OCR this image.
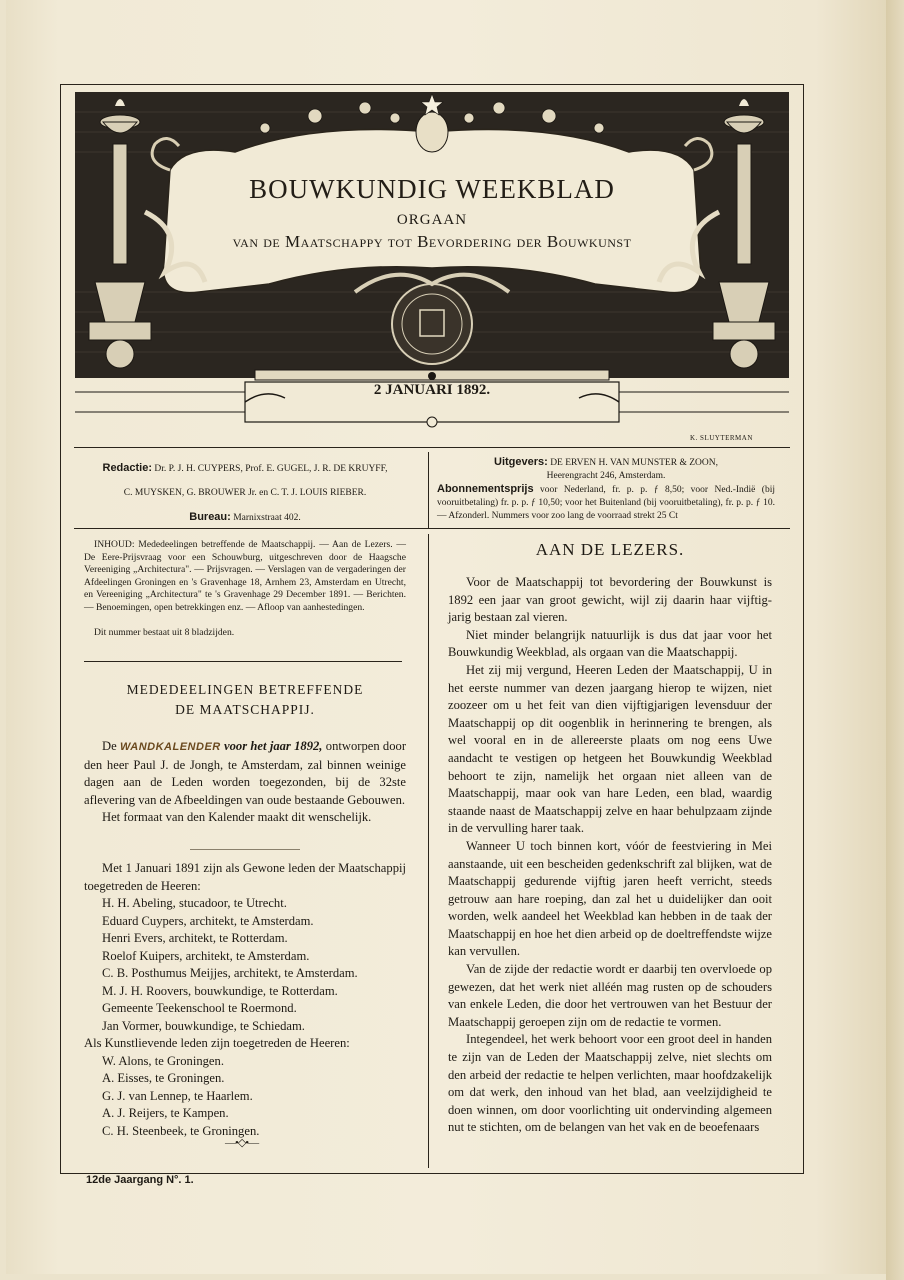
BOUWKUNDIG WEEKBLAD
ORGAAN
van de Maatschappy tot Bevordering der Bouwkunst
2 JANUARI 1892.
K. SLUYTERMAN
Redactie: Dr. P. J. H. CUYPERS, Prof. E. GUGEL, J. R. DE KRUYFF,
C. MUYSKEN, G. BROUWER Jr. en C. T. J. LOUIS RIEBER.
Bureau: Marnixstraat 402.
Uitgevers: DE ERVEN H. VAN MUNSTER & ZOON,
Heerengracht 246, Amsterdam.
Abonnementsprijs voor Nederland, fr. p. p. ƒ 8,50; voor Ned.-Indië (bij vooruitbetaling) fr. p. p. ƒ 10,50; voor het Buitenland (bij vooruitbetaling), fr. p. p. ƒ 10.— Afzonderl. Nummers voor zoo lang de voorraad strekt 25 Ct
INHOUD: Mededeelingen betreffende de Maatschappij. — Aan de Lezers. — De Eere-Prijsvraag voor een Schouwburg, uitgeschreven door de Haagsche Vereeniging „Architectura". — Prijsvragen. — Verslagen van de vergaderingen der Afdeelingen Groningen en 's Gravenhage 18, Arnhem 23, Amsterdam en Utrecht, en Vereeniging „Architectura" te 's Gravenhage 29 December 1891. — Berichten. — Benoemingen, open betrekkingen enz. — Afloop van aanhestedingen.
Dit nummer bestaat uit 8 bladzijden.
MEDEDEELINGEN BETREFFENDE
DE MAATSCHAPPIJ.

De WANDKALENDER voor het jaar 1892, ontworpen door den heer Paul J. de Jongh, te Amsterdam, zal binnen weinige dagen aan de Leden worden toegezonden, bij de 32ste aflevering van de Afbeeldingen van oude bestaande Gebouwen.

Het formaat van den Kalender maakt dit wenschelijk.

Met 1 Januari 1891 zijn als Gewone leden der Maatschappij toegetreden de Heeren:

H. H. Abeling, stucadoor, te Utrecht.
Eduard Cuypers, architekt, te Amsterdam.
Henri Evers, architekt, te Rotterdam.
Roelof Kuipers, architekt, te Amsterdam.
C. B. Posthumus Meijjes, architekt, te Amsterdam.
M. J. H. Roovers, bouwkundige, te Rotterdam.
Gemeente Teekenschool te Roermond.
Jan Vormer, bouwkundige, te Schiedam.
Als Kunstlievende leden zijn toegetreden de Heeren:
W. Alons, te Groningen.
A. Eisses, te Groningen.
G. J. van Lennep, te Haarlem.
A. J. Reijers, te Kampen.
C. H. Steenbeek, te Groningen.
—•◇•—
AAN DE LEZERS.

Voor de Maatschappij tot bevordering der Bouwkunst is 1892 een jaar van groot gewicht, wijl zij daarin haar vijftig-jarig bestaan zal vieren.

Niet minder belangrijk natuurlijk is dus dat jaar voor het Bouwkundig Weekblad, als orgaan van die Maatschappij.

Het zij mij vergund, Heeren Leden der Maatschappij, U in het eerste nummer van dezen jaargang hierop te wijzen, niet zoozeer om u het feit van dien vijftigjarigen levensduur der Maatschappij op dit oogenblik in herinnering te brengen, als wel vooral en in de allereerste plaats om nog eens Uwe aandacht te vestigen op hetgeen het Bouwkundig Weekblad behoort te zijn, namelijk het orgaan niet alleen van de Maatschappij, maar ook van hare Leden, een blad, waardig staande naast de Maatschappij zelve en haar behulpzaam zijnde in de vervulling harer taak.

Wanneer U toch binnen kort, vóór de feestviering in Mei aanstaande, uit een bescheiden gedenkschrift zal blijken, wat de Maatschappij gedurende vijftig jaren heeft verricht, steeds getrouw aan hare roeping, dan zal het u duidelijker dan ooit worden, welk aandeel het Weekblad kan hebben in de taak der Maatschappij en hoe het dien arbeid op de doeltreffendste wijze kan vervullen.

Van de zijde der redactie wordt er daarbij ten overvloede op gewezen, dat het werk niet alléén mag rusten op de schouders van enkele Leden, die door het vertrouwen van het Bestuur der Maatschappij geroepen zijn om de redactie te vormen.

Integendeel, het werk behoort voor een groot deel in handen te zijn van de Leden der Maatschappij zelve, niet slechts om den arbeid der redactie te helpen verlichten, maar hoofdzakelijk om dat werk, den inhoud van het blad, aan veelzijdigheid te doen winnen, om door voorlichting uit ondervinding algemeen nut te stichten, om de belangen van het vak en de beoefenaars

12de Jaargang N°. 1.
